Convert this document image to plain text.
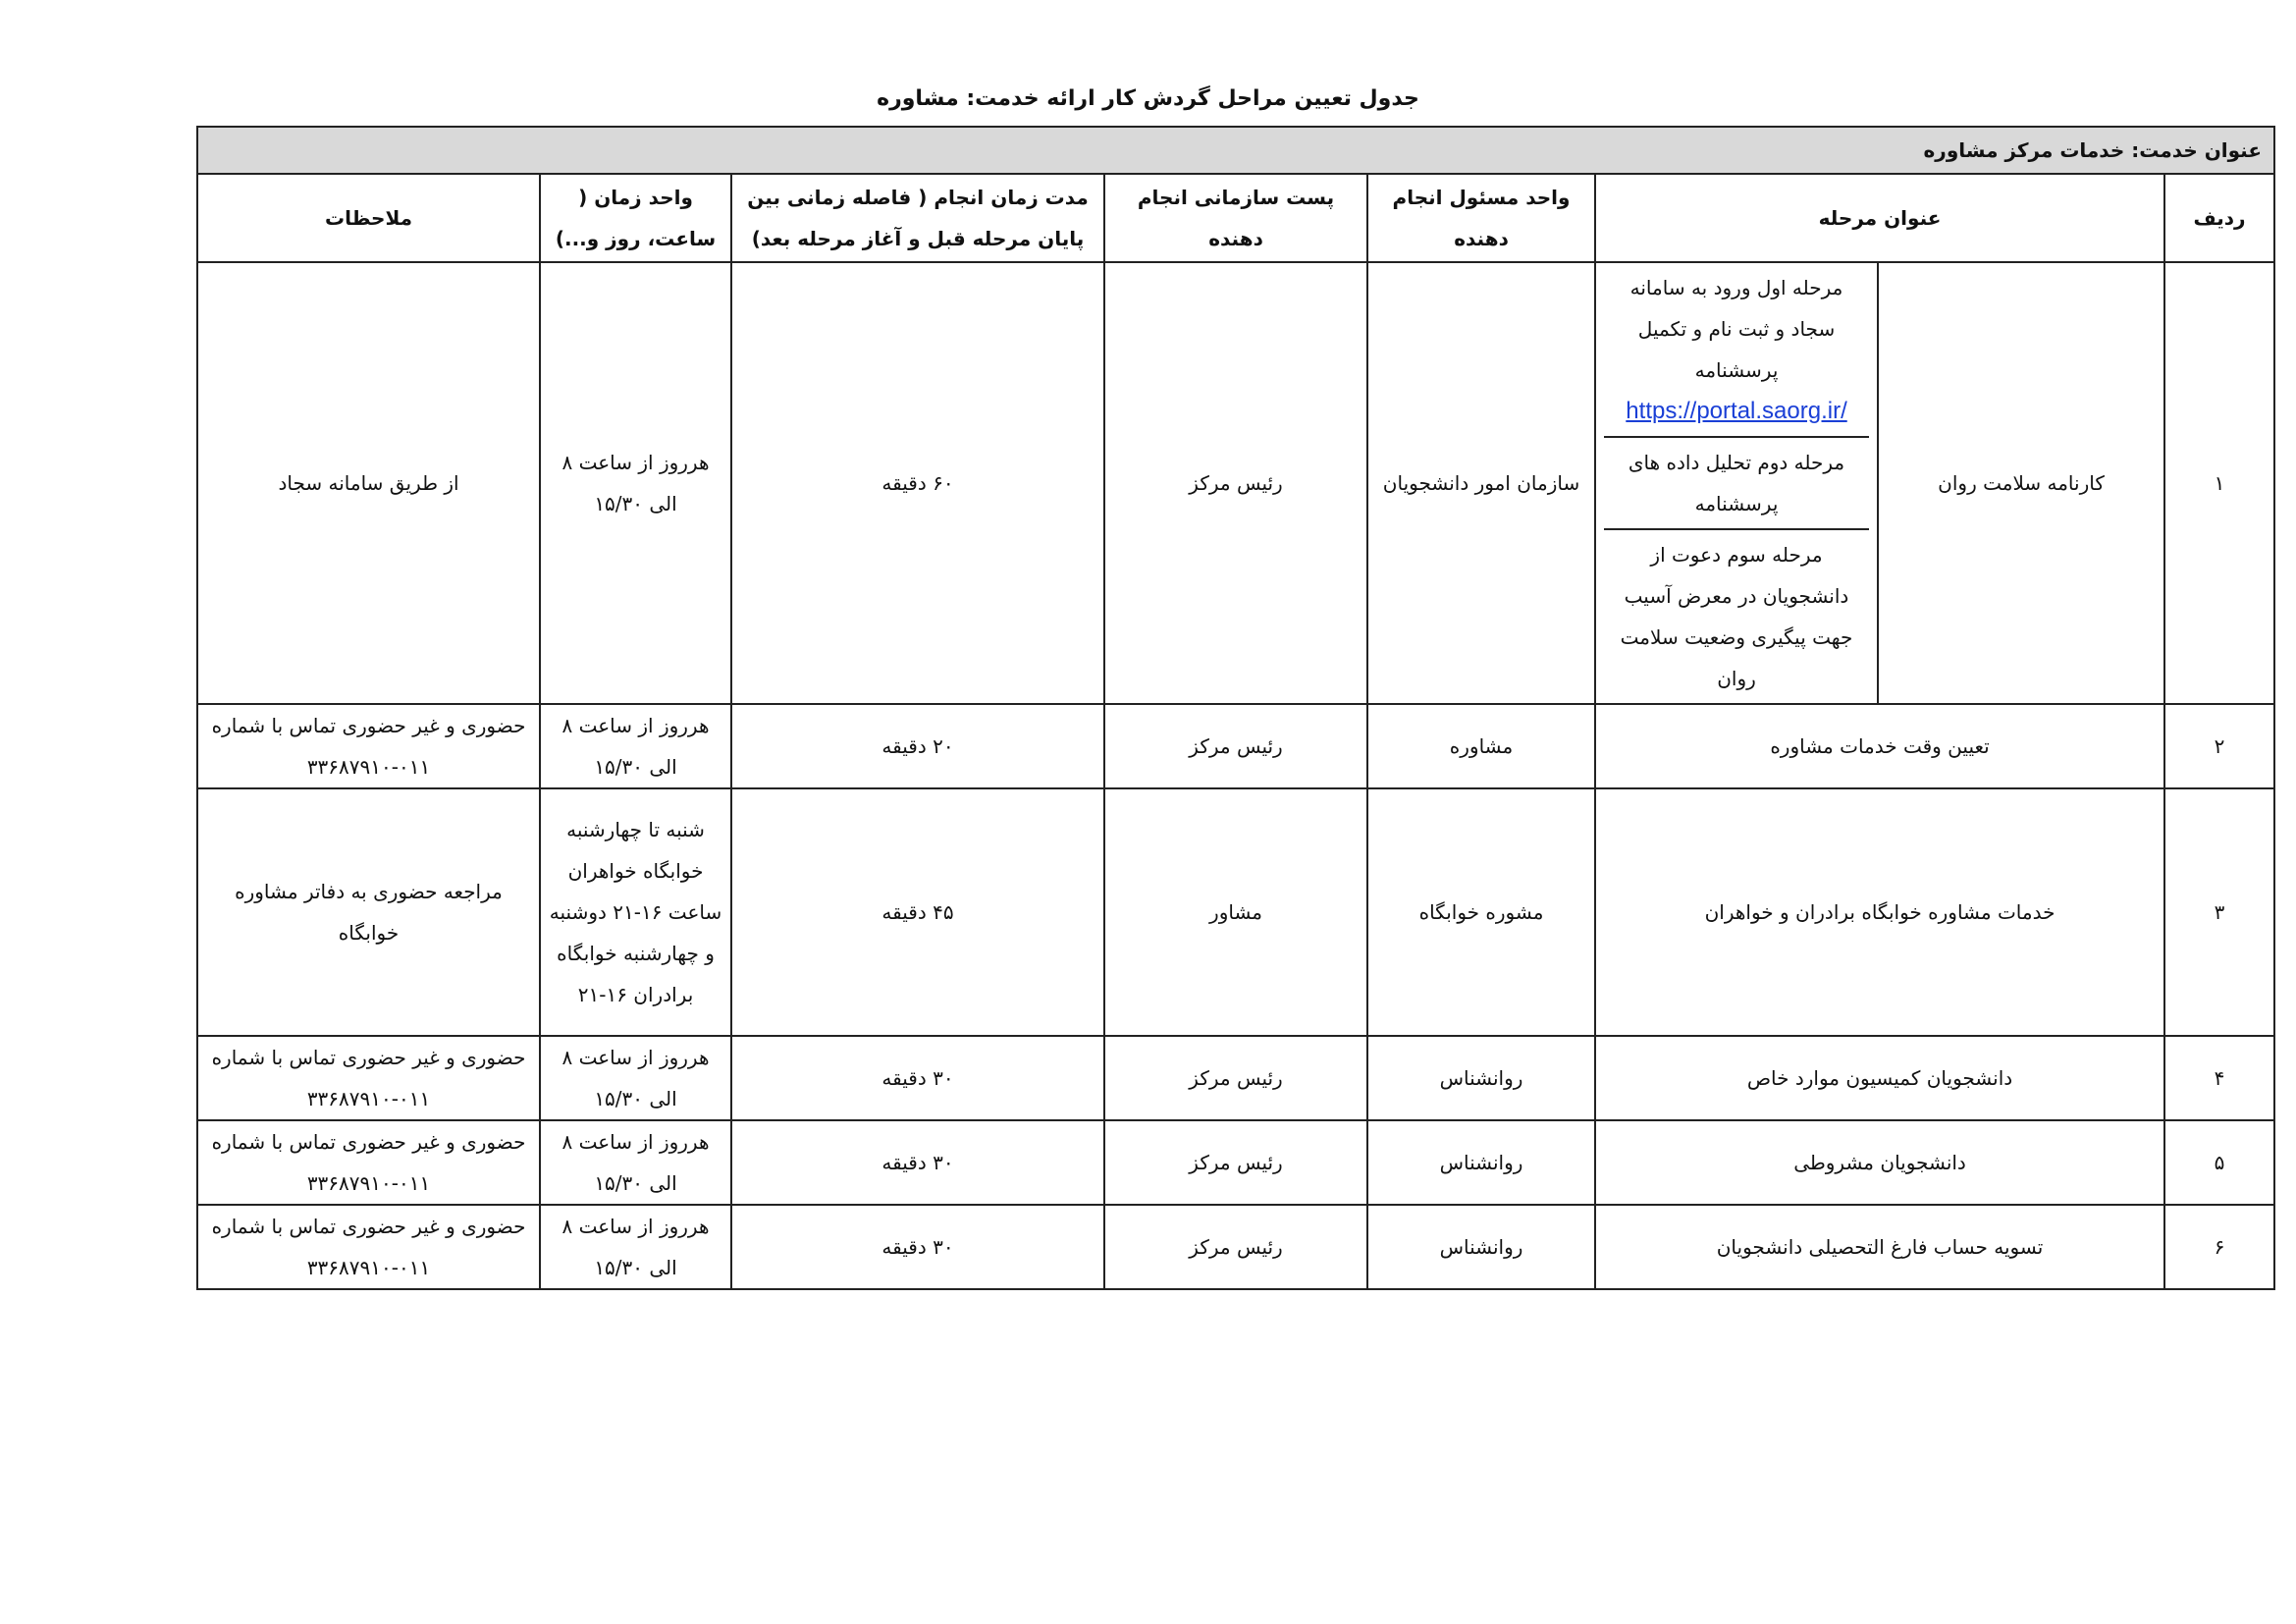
جدول تعیین مراحل گردش کار ارائه خدمت: مشاوره
عنوان خدمت: خدمات مرکز مشاوره							
ردیف	عنوان مرحله		واحد مسئول انجام دهنده	پست سازمانی انجام دهنده	مدت زمان انجام ( فاصله زمانی بین پایان مرحله قبل و آغاز مرحله بعد)	واحد زمان ( ساعت، روز و...)	ملاحظات
۱	کارنامه سلامت روان	مرحله اول ورود به سامانه سجاد و ثبت نام و تکمیل پرسشنامه
https://portal.saorg.ir/
مرحله دوم تحلیل داده های پرسشنامه
مرحله سوم دعوت از دانشجویان در معرض آسیب جهت پیگیری وضعیت سلامت روان	سازمان امور دانشجویان	رئیس مرکز	۶۰ دقیقه	هرروز از ساعت ۸ الی ۱۵/۳۰	از طریق سامانه سجاد
۲	تعیین وقت خدمات مشاوره		مشاوره	رئیس مرکز	۲۰ دقیقه	هرروز از ساعت ۸ الی ۱۵/۳۰	حضوری و غیر حضوری تماس با شماره ۰۱۱-۳۳۶۸۷۹۱۰
۳	خدمات مشاوره خوابگاه برادران و خواهران		مشوره خوابگاه	مشاور	۴۵ دقیقه	شنبه تا چهارشنبه خوابگاه خواهران ساعت ۱۶-۲۱ دوشنبه و چهارشنبه خوابگاه برادران ۱۶-۲۱	مراجعه حضوری به دفاتر مشاوره خوابگاه
۴	دانشجویان کمیسیون موارد خاص		روانشناس	رئیس مرکز	۳۰ دقیقه	هرروز از ساعت ۸ الی ۱۵/۳۰	حضوری و غیر حضوری تماس با شماره ۰۱۱-۳۳۶۸۷۹۱۰
۵	دانشجویان مشروطی		روانشناس	رئیس مرکز	۳۰ دقیقه	هرروز از ساعت ۸ الی ۱۵/۳۰	حضوری و غیر حضوری تماس با شماره ۰۱۱-۳۳۶۸۷۹۱۰
۶	تسویه حساب فارغ التحصیلی دانشجویان		روانشناس	رئیس مرکز	۳۰ دقیقه	هرروز از ساعت ۸ الی ۱۵/۳۰	حضوری و غیر حضوری تماس با شماره ۰۱۱-۳۳۶۸۷۹۱۰
